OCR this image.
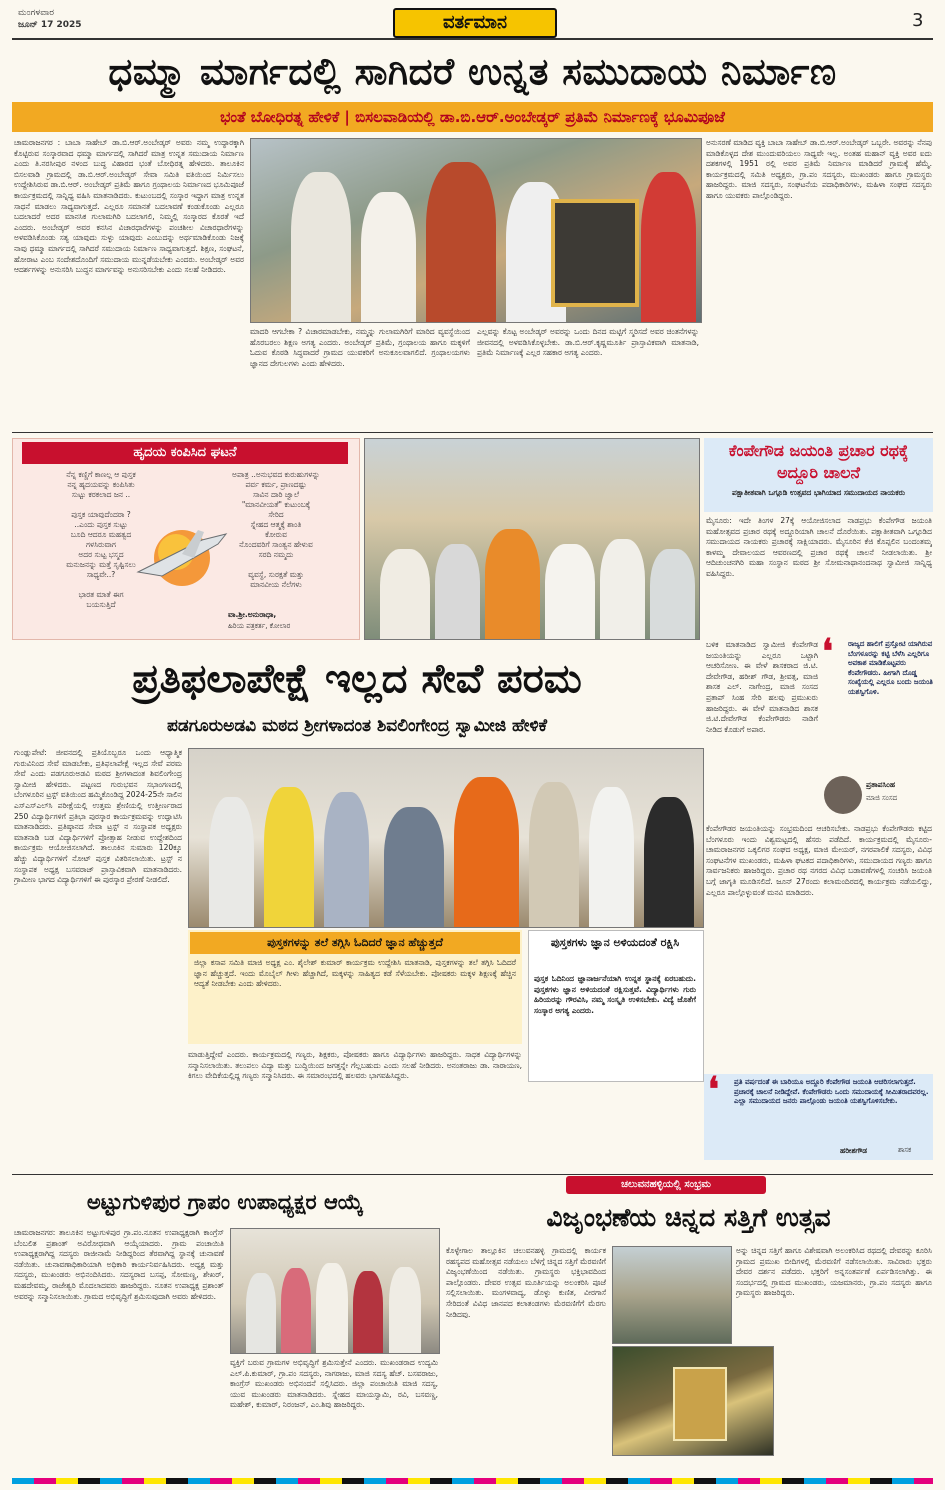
ಮಂಗಳವಾರ
ಜೂನ್ 17 2025	ವರ್ತಮಾನ	3
ಧಮ್ಮಾ ಮಾರ್ಗದಲ್ಲಿ ಸಾಗಿದರೆ ಉನ್ನತ ಸಮುದಾಯ ನಿರ್ಮಾಣ
ಭಂತೆ ಬೋಧಿರತ್ನ ಹೇಳಿಕೆ | ಬಿಸಲವಾಡಿಯಲ್ಲಿ ಡಾ.ಬಿ.ಆರ್.ಅಂಬೇಡ್ಕರ್ ಪ್ರತಿಮೆ ನಿರ್ಮಾಣಕ್ಕೆ ಭೂಮಿಪೂಜೆ
ಚಾಮರಾಜನಗರ : ಬಾಬಾ ಸಾಹೇಬ್ ಡಾ.ಬಿ.ಆರ್.ಅಂಬೇಡ್ಕರ್ ಅವರು ನಮ್ಮ ಉದ್ಧಾರಕ್ಕಾಗಿ ಕೊಟ್ಟಿರುವ ಸಂಸ್ಕಾರವಾದ ಧಮ್ಮಾ ಮಾರ್ಗದಲ್ಲಿ ಸಾಗಿದರೆ ಮಾತ್ರ ಉನ್ನತ ಸಮುದಾಯ ನಿರ್ಮಾಣ ಎಂದು ತಿ.ನರಸೀಪುರ ನಳಂದ ಬುದ್ಧ ವಿಹಾರದ ಭಂತೆ ಬೋಧಿರತ್ನ ಹೇಳಿದರು. ತಾಲೂಕಿನ ಬಿಸಲವಾಡಿ ಗ್ರಾಮದಲ್ಲಿ ಡಾ.ಬಿ.ಆರ್.ಅಂಬೇಡ್ಕರ್ ಸೇವಾ ಸಮಿತಿ ವತಿಯಿಂದ ನಿರ್ಮಿಸಲು ಉದ್ದೇಶಿಸಿರುವ ಡಾ.ಬಿ.ಆರ್. ಅಂಬೇಡ್ಕರ್ ಪ್ರತಿಮೆ ಹಾಗೂ ಗ್ರಂಥಾಲಯ ನಿರ್ಮಾಣದ ಭೂಮಿಪೂಜೆ ಕಾರ್ಯಕ್ರಮದಲ್ಲಿ ಸಾನ್ನಿಧ್ಯ ವಹಿಸಿ ಮಾತನಾಡಿದರು. ಕುಟುಂಬದಲ್ಲಿ ಸಂಸ್ಕಾರ ಇದ್ದಾಗ ಮಾತ್ರ ಉನ್ನತ ಸಾಧನೆ ಮಾಡಲು ಸಾಧ್ಯವಾಗುತ್ತದೆ. ಎಲ್ಲರೂ ಸಮಾನತೆ ಬದಲಾವಣೆ ಕಂಡುಕೊಂಡು ಎಲ್ಲರೂ ಬದಲಾದರೆ ಅದರ ಮಾನಸಿಕ ಗುಲಾಮಗಿರಿ ಬದಲಾಗಲಿ, ನಿಮ್ಮಲ್ಲಿ ಸಂಸ್ಕಾರದ ಕೊರತೆ ಇದೆ ಎಂದರು. ಅಂಬೇಡ್ಕರ್ ಅವರ ಕನಸಿನ ವಿಚಾರಧಾರೆಗಳನ್ನು ಪಂಚಶೀಲ ವಿಚಾರಧಾರೆಗಳನ್ನು ಅಳವಡಿಸಿಕೊಂಡು ಸತ್ಯ ಯಾವುದು ಸುಳ್ಳು ಯಾವುದು ಎಂಬುದನ್ನು ಅರ್ಥಮಾಡಿಕೊಂಡು ನಿಜಕ್ಕೆ ನಾವು ಧಮ್ಮಾ ಮಾರ್ಗದಲ್ಲಿ ಸಾಗಿದರೆ ಸಮುದಾಯ ನಿರ್ಮಾಣ ಸಾಧ್ಯವಾಗುತ್ತದೆ. ಶಿಕ್ಷಣ, ಸಂಘಟನೆ, ಹೋರಾಟ ಎಂಬ ಸಂದೇಶದೊಂದಿಗೆ ಸಮುದಾಯ ಮುನ್ನಡೆಯಬೇಕು ಎಂದರು. ಅಂಬೇಡ್ಕರ್ ಅವರ ಆದರ್ಶಗಳನ್ನು ಅನುಸರಿಸಿ ಬುದ್ಧನ ಮಾರ್ಗವನ್ನು ಅನುಸರಿಸಬೇಕು ಎಂದು ಸಲಹೆ ನೀಡಿದರು.
ಮಾದರಿ ಆಗಬೇಕಾ ? ವಿಚಾರಮಾಡಬೇಕು, ನಮ್ಮನ್ನು ಗುಲಾಮಗಿರಿಗೆ ಮಾರಿದ ವ್ಯವಸ್ಥೆಯಿಂದ ಹೊರಬರಲು ಶಿಕ್ಷಣ ಅಗತ್ಯ ಎಂದರು. ಅಂಬೇಡ್ಕರ್ ಪ್ರತಿಮೆ, ಗ್ರಂಥಾಲಯ ಹಾಗೂ ಮಕ್ಕಳಿಗೆ ಓದುವ ಕೊಠಡಿ ಸಿದ್ಧವಾದರೆ ಗ್ರಾಮದ ಯುವಕರಿಗೆ ಅನುಕೂಲವಾಗಲಿದೆ. ಗ್ರಂಥಾಲಯಗಳು ಜ್ಞಾನದ ದೇಗುಲಗಳು ಎಂದು ಹೇಳಿದರು.
ಎಲ್ಲವನ್ನು ಕೊಟ್ಟ ಅಂಬೇಡ್ಕರ್ ಅವರನ್ನು ಒಂದು ದಿನದ ಮಟ್ಟಿಗೆ ಸ್ಮರಿಸದೆ ಅವರ ಚಿಂತನೆಗಳನ್ನು ಜೀವನದಲ್ಲಿ ಅಳವಡಿಸಿಕೊಳ್ಳಬೇಕು. ಡಾ.ಬಿ.ಆರ್.ಕೃಷ್ಣಮೂರ್ತಿ ಪ್ರಾಸ್ತಾವಿಕವಾಗಿ ಮಾತನಾಡಿ, ಪ್ರತಿಮೆ ನಿರ್ಮಾಣಕ್ಕೆ ಎಲ್ಲರ ಸಹಕಾರ ಅಗತ್ಯ ಎಂದರು.
ಅನುಸರಣೆ ಮಾಡಿದ ವ್ಯಕ್ತಿ ಬಾಬಾ ಸಾಹೇಬ್ ಡಾ.ಬಿ.ಆರ್.ಅಂಬೇಡ್ಕರ್ ಒಬ್ಬರೇ. ಅವರನ್ನು ನೆನಪು ಮಾಡಿಕೊಳ್ಳದ ದೇಶ ಮುಂದುವರಿಯಲು ಸಾಧ್ಯವೇ ಇಲ್ಲ. ಅಂತಹ ಮಹಾನ್ ವ್ಯಕ್ತಿ ಅವರ ಐದು ದಶಕಗಳಲ್ಲಿ 1951 ರಲ್ಲಿ ಅವರ ಪ್ರತಿಮೆ ನಿರ್ಮಾಣ ಮಾಡಿದರೆ ಗ್ರಾಮಕ್ಕೆ ಹೆಮ್ಮೆ. ಕಾರ್ಯಕ್ರಮದಲ್ಲಿ ಸಮಿತಿ ಅಧ್ಯಕ್ಷರು, ಗ್ರಾ.ಪಂ ಸದಸ್ಯರು, ಮುಖಂಡರು ಹಾಗೂ ಗ್ರಾಮಸ್ಥರು ಹಾಜರಿದ್ದರು. ಮಾಜಿ ಸದಸ್ಯರು, ಸಂಘಟನೆಯ ಪದಾಧಿಕಾರಿಗಳು, ಮಹಿಳಾ ಸಂಘದ ಸದಸ್ಯರು ಹಾಗೂ ಯುವಕರು ಪಾಲ್ಗೊಂಡಿದ್ದರು.
ಹೃದಯ ಕಂಪಿಸಿದ ಘಟನೆ
ನೆನ್ನ ಕಣ್ಣಿಗೆ ಕಾಣಲ್ಲ ಆ ಪುಸ್ತಕ
ನನ್ನ ಹೃದಯವನ್ನು ಕಂಪಿಸಿತು
ಸುಟ್ಟು ಕರಕಲಾದ ಜನ ..

ಪುಸ್ತಕ ಯಾವುದೆಂದರಾ ?
..ಎಂದು ಪುಸ್ತಕ ಸುಟ್ಟು
ಬೂದಿ ಆದರೂ ಮಹತ್ವದ
ಗಳಸಿರುವಾಗ
ಅದರ ಸುಟ್ಟ ಭಸ್ಮದ
ಮನುಜನನ್ನು ಮತ್ತೆ ಸೃಷ್ಟಿಸಲು
ಸಾಧ್ಯವೇ..?

ಭಾರತ ಮಾತೆ ಈಗ
ಬಯಸುತ್ತಿದೆ
ಅಪಾತ್ರ ..ಅನುಭವದ ಕುರುಹುಗಳನ್ನು
ಪರ್ವ ಕರ್ಮ, ಪ್ರಾಣದಷ್ಟು
ಸಾವಿನ ದಾರಿ ಜ್ವಾಲೆ
"ಮಾನವೀಯತೆ" ಕುಟುಂಬಕ್ಕೆ
ಸೇರಿದ
ಸ್ನೇಹದ ಆತ್ಮಕ್ಕೆ ಶಾಂತಿ
ಕೋರುವ
ನೊಂದವರಿಗೆ ಸಾಂತ್ವನ ಹೇಳುವ
ಸರದಿ ನಮ್ಮದು

ವ್ಯವಸ್ಥೆ, ಸುರಕ್ಷತೆ ಮತ್ತು
ಮಾನವೀಯ ನೆಲೆಗಳು
ವಾ.ಶ್ರೀ.ಅನುರಾಧಾ,
ಹಿರಿಯ ಪತ್ರಕರ್ತ, ಕೋಲಾರ
ಕೆಂಪೇಗೌಡ ಜಯಂತಿ ಪ್ರಚಾರ ರಥಕ್ಕೆ ಅದ್ದೂರಿ ಚಾಲನೆ
ಪಕ್ಷಾತೀತವಾಗಿ ಒಗ್ಗೂಡಿ ಉತ್ಸವದ ಭಾಗಿಯಾದ ಸಮುದಾಯದ ನಾಯಕರು
ಮೈಸೂರು: ಇದೇ ತಿಂಗಳ 27ಕ್ಕೆ ಆಯೋಜಿಸಲಾದ ನಾಡಪ್ರಭು ಕೆಂಪೇಗೌಡ ಜಯಂತಿ ಮಹೋತ್ಸವದ ಪ್ರಚಾರ ರಥಕ್ಕೆ ಅದ್ದೂರಿಯಾಗಿ ಚಾಲನೆ ದೊರೆಯಿತು. ಪಕ್ಷಾತೀತವಾಗಿ ಒಗ್ಗೂಡಿದ ಸಮುದಾಯದ ನಾಯಕರು ಪ್ರಚಾರಕ್ಕೆ ಸಾಕ್ಷಿಯಾದರು. ಮೈಸೂರಿನ ಕೆಜಿ ಕೊಪ್ಪಲಿನ ಬಂದಂತಮ್ಮ ಕಾಳಮ್ಮ ದೇವಾಲಯದ ಆವರಣದಲ್ಲಿ ಪ್ರಚಾರ ರಥಕ್ಕೆ ಚಾಲನೆ ನೀಡಲಾಯಿತು. ಶ್ರೀ ಆದಿಚುಂಚನಗಿರಿ ಮಹಾ ಸಂಸ್ಥಾನ ಮಠದ ಶ್ರೀ ಸೋಮನಾಥಾನಂದನಾಥ ಸ್ವಾಮೀಜಿ ಸಾನ್ನಿಧ್ಯ ವಹಿಸಿದ್ದರು.
ಬಳಿಕ ಮಾತನಾಡಿದ ಸ್ವಾಮೀಜಿ ಕೆಂಪೇಗೌಡ ಜಯಂತಿಯನ್ನು ಎಲ್ಲರೂ ಒಟ್ಟಾಗಿ ಆಚರಿಸೋಣ. ಈ ವೇಳೆ ಶಾಸಕರಾದ ಜಿ.ಟಿ. ದೇವೇಗೌಡ, ಹರೀಶ್ ಗೌಡ, ಶ್ರೀವತ್ಸ, ಮಾಜಿ ಶಾಸಕ ಎಲ್. ನಾಗೇಂದ್ರ, ಮಾಜಿ ಸಂಸದ ಪ್ರತಾಪ್ ಸಿಂಹ ಸೇರಿ ಹಲವು ಪ್ರಮುಖರು ಹಾಜರಿದ್ದರು. ಈ ವೇಳೆ ಮಾತನಾಡಿದ ಶಾಸಕ ಜಿ.ಟಿ.ದೇವೇಗೌಡ ಕೆಂಪೇಗೌಡರು ನಾಡಿಗೆ ನೀಡಿದ ಕೊಡುಗೆ ಅಪಾರ.
❛ ರಾಜ್ಯದ ಹಾಲಿಗೆ ಪ್ರಸ್ತೋಟಿ ಯಾಗಿರುವ ಬೆಂಗಳೂರನ್ನು ಕಟ್ಟಿ ಬೆಳೆಸಿ ಎಲ್ಲರಿಗೂ ಅವಕಾಶ ಮಾಡಿಕೊಟ್ಟವರು ಕೆಂಪೇಗೌಡರು. ಹೀಗಾಗಿ ದೊಡ್ಡ ಸಂಖ್ಯೆಯಲ್ಲಿ ಎಲ್ಲರೂ ಬಂದು ಜಯಂತಿ ಯಶಸ್ವಿಗೊಳಿ.
ಪ್ರತಾಪಸಿಂಹ
ಮಾಜಿ ಸಂಸದ
ಪ್ರತಿಫಲಾಪೇಕ್ಷೆ ಇಲ್ಲದ ಸೇವೆ ಪರಮ
ಪಡಗೂರುಅಡವಿ ಮಠದ ಶ್ರೀಗಳಾದಂತ ಶಿವಲಿಂಗೇಂದ್ರ ಸ್ವಾಮೀಜಿ ಹೇಳಿಕೆ
ಗುಂಡ್ಲುಪೇಟೆ: ಜೀವನದಲ್ಲಿ ಪ್ರತಿಯೊಬ್ಬರೂ ಒಂದು ಆಧ್ಯಾತ್ಮಿಕ ಗುರುವಿನಿಂದ ಸೇವೆ ಮಾಡಬೇಕು, ಪ್ರತಿಫಲಾಪೇಕ್ಷೆ ಇಲ್ಲದ ಸೇವೆ ಪರಮ ಸೇವೆ ಎಂದು ಪಡಗೂರುಅಡವಿ ಮಠದ ಶ್ರೀಗಳಾದಂತ ಶಿವಲಿಂಗೇಂದ್ರ ಸ್ವಾಮೀಜಿ ಹೇಳಿದರು. ಪಟ್ಟಣದ ಗುರುಭವನ ಸಭಾಂಗಣದಲ್ಲಿ ಬೆಂಗಳೂರಿನ ಟ್ರಸ್ಟ್ ವತಿಯಿಂದ ಹಮ್ಮಿಕೊಂಡಿದ್ದ 2024-25ನೇ ಸಾಲಿನ ಎಸ್‌ಎಸ್‌ಎಲ್‌ಸಿ ಪರೀಕ್ಷೆಯಲ್ಲಿ ಉತ್ತಮ ಶ್ರೇಣಿಯಲ್ಲಿ ಉತ್ತೀರ್ಣರಾದ 250 ವಿದ್ಯಾರ್ಥಿಗಳಿಗೆ ಪ್ರತಿಭಾ ಪುರಸ್ಕಾರ ಕಾರ್ಯಕ್ರಮವನ್ನು ಉದ್ಘಾಟಿಸಿ ಮಾತನಾಡಿದರು. ಪ್ರತಿಷ್ಠಾನದ ಸೇವಾ ಟ್ರಸ್ಟ್ ನ ಸಂಸ್ಥಾಪಕ ಅಧ್ಯಕ್ಷರು ಮಾತನಾಡಿ ಬಡ ವಿದ್ಯಾರ್ಥಿಗಳಿಗೆ ಪ್ರೋತ್ಸಾಹ ನೀಡುವ ಉದ್ದೇಶದಿಂದ ಕಾರ್ಯಕ್ರಮ ಆಯೋಜಿಸಲಾಗಿದೆ. ತಾಲೂಕಿನ ಸುಮಾರು 120ಕ್ಕೂ ಹೆಚ್ಚು ವಿದ್ಯಾರ್ಥಿಗಳಿಗೆ ನೋಟ್ ಪುಸ್ತಕ ವಿತರಿಸಲಾಯಿತು. ಟ್ರಸ್ಟ್ ನ ಸಂಸ್ಥಾಪಕ ಅಧ್ಯಕ್ಷ ಬಸವರಾಜ್ ಪ್ರಾಸ್ತಾವಿಕವಾಗಿ ಮಾತನಾಡಿದರು. ಗ್ರಾಮೀಣ ಭಾಗದ ವಿದ್ಯಾರ್ಥಿಗಳಿಗೆ ಈ ಪುರಸ್ಕಾರ ಪ್ರೇರಣೆ ನೀಡಲಿದೆ.
ಪುಸ್ತಕಗಳನ್ನು ತಲೆ ತಗ್ಗಿಸಿ ಓದಿದರೆ ಜ್ಞಾನ ಹೆಚ್ಚುತ್ತದೆ
ಜಿಲ್ಲಾ ಕಸಾಪ ಸಮಿತಿ ಮಾಜಿ ಅಧ್ಯಕ್ಷ ಎಂ. ಶೈಲೇಶ್ ಕುಮಾರ್ ಕಾರ್ಯಕ್ರಮ ಉದ್ದೇಶಿಸಿ ಮಾತನಾಡಿ, ಪುಸ್ತಕಗಳನ್ನು ತಲೆ ತಗ್ಗಿಸಿ ಓದಿದರೆ ಜ್ಞಾನ ಹೆಚ್ಚುತ್ತದೆ. ಇಂದು ಮೊಬೈಲ್ ಗೀಳು ಹೆಚ್ಚಾಗಿದೆ, ಮಕ್ಕಳನ್ನು ಸಾಹಿತ್ಯದ ಕಡೆ ಸೆಳೆಯಬೇಕು. ಪೋಷಕರು ಮಕ್ಕಳ ಶಿಕ್ಷಣಕ್ಕೆ ಹೆಚ್ಚಿನ ಆದ್ಯತೆ ನೀಡಬೇಕು ಎಂದು ಹೇಳಿದರು.
ಪುಸ್ತಕಗಳು ಜ್ಞಾನ ಅಳಿಯದಂತೆ ರಕ್ಷಿಸಿ
ಪುಸ್ತಕ ಓದಿನಿಂದ ಜ್ಞಾನಾರ್ಜನೆಯಾಗಿ ಉನ್ನತ ಸ್ಥಾನಕ್ಕೆ ಏರಬಹುದು. ಪುಸ್ತಕಗಳು ಜ್ಞಾನ ಅಳಿಯದಂತೆ ರಕ್ಷಿಸುತ್ತವೆ. ವಿದ್ಯಾರ್ಥಿಗಳು ಗುರು ಹಿರಿಯರನ್ನು ಗೌರವಿಸಿ, ನಮ್ಮ ಸಂಸ್ಕೃತಿ ಉಳಿಸಬೇಕು. ವಿದ್ಯೆ ಜೊತೆಗೆ ಸಂಸ್ಕಾರ ಅಗತ್ಯ ಎಂದರು.
ಮಾಡುತ್ತಿದ್ದೇವೆ ಎಂದರು. ಕಾರ್ಯಕ್ರಮದಲ್ಲಿ ಗಣ್ಯರು, ಶಿಕ್ಷಕರು, ಪೋಷಕರು ಹಾಗೂ ವಿದ್ಯಾರ್ಥಿಗಳು ಹಾಜರಿದ್ದರು. ಸಾಧಕ ವಿದ್ಯಾರ್ಥಿಗಳನ್ನು ಸನ್ಮಾನಿಸಲಾಯಿತು. ತಲುಪಲು ವಿದ್ಯಾ ಮತ್ತು ಬುದ್ಧಿಯಿಂದ ಜಗತ್ತನ್ನೇ ಗೆಲ್ಲಬಹುದು ಎಂದು ಸಲಹೆ ನೀಡಿದರು. ಅನಂತರಾಜು ಡಾ. ನಾರಾಯಣ, ಕಿಗಲು ವೇದಿಕೆಯಲ್ಲಿದ್ದ ಗಣ್ಯರು ಸನ್ಮಾನಿಸಿದರು. ಈ ಸಮಾರಂಭದಲ್ಲಿ ಹಲವರು ಭಾಗವಹಿಸಿದ್ದರು.
ಕೆಂಪೇಗೌಡರ ಜಯಂತಿಯನ್ನು ಸಂಭ್ರಮದಿಂದ ಆಚರಿಸಬೇಕು. ನಾಡಪ್ರಭು ಕೆಂಪೇಗೌಡರು ಕಟ್ಟಿದ ಬೆಂಗಳೂರು ಇಂದು ವಿಶ್ವಮಟ್ಟದಲ್ಲಿ ಹೆಸರು ಪಡೆದಿದೆ. ಕಾರ್ಯಕ್ರಮದಲ್ಲಿ ಮೈಸೂರು-ಚಾಮರಾಜನಗರ ಒಕ್ಕಲಿಗರ ಸಂಘದ ಅಧ್ಯಕ್ಷ, ಮಾಜಿ ಮೇಯರ್, ನಗರಪಾಲಿಕೆ ಸದಸ್ಯರು, ವಿವಿಧ ಸಂಘಟನೆಗಳ ಮುಖಂಡರು, ಮಹಿಳಾ ಘಟಕದ ಪದಾಧಿಕಾರಿಗಳು, ಸಮುದಾಯದ ಗಣ್ಯರು ಹಾಗೂ ಸಾರ್ವಜನಿಕರು ಹಾಜರಿದ್ದರು. ಪ್ರಚಾರ ರಥ ನಗರದ ವಿವಿಧ ಬಡಾವಣೆಗಳಲ್ಲಿ ಸಂಚರಿಸಿ ಜಯಂತಿ ಬಗ್ಗೆ ಜಾಗೃತಿ ಮೂಡಿಸಲಿದೆ. ಜೂನ್ 27ರಂದು ಕಲಾಮಂದಿರದಲ್ಲಿ ಕಾರ್ಯಕ್ರಮ ನಡೆಯಲಿದ್ದು, ಎಲ್ಲರೂ ಪಾಲ್ಗೊಳ್ಳುವಂತೆ ಮನವಿ ಮಾಡಿದರು.
❛ ಪ್ರತಿ ವರ್ಷದಂತೆ ಈ ಬಾರಿಯೂ ಅದ್ದೂರಿ ಕೆಂಪೇಗೌಡ ಜಯಂತಿ ಆಚರಿಸಲಾಗುತ್ತದೆ. ಪ್ರಚಾರಕ್ಕೆ ಚಾಲನೆ ನೀಡಿದ್ದೇವೆ. ಕೆಂಪೇಗೌಡರು ಒಂದು ಸಮುದಾಯಕ್ಕೆ ಸೀಮಿತರಾದವರಲ್ಲ. ಎಲ್ಲಾ ಸಮುದಾಯದ ಜನರು ಪಾಲ್ಗೊಂಡು ಜಯಂತಿ ಯಶಸ್ವಿಗೊಳಿಸಬೇಕು.
ಹರೀಶಗೌಡ	ಶಾಸಕ
ಅಟ್ಟುಗುಳಿಪುರ ಗ್ರಾಪಂ ಉಪಾಧ್ಯಕ್ಷರ ಆಯ್ಕೆ
ಚಾಮರಾಜನಗರ: ತಾಲೂಕಿನ ಅಟ್ಟುಗುಳಿಪುರ ಗ್ರಾ.ಪಂ.ನೂತನ ಉಪಾಧ್ಯಕ್ಷರಾಗಿ ಕಾಂಗ್ರೆಸ್ ಬೆಂಬಲಿತ ಪ್ರಶಾಂತ್ ಅವಿರೋಧವಾಗಿ ಆಯ್ಕೆಯಾದರು. ಗ್ರಾಮ ಪಂಚಾಯಿತಿ ಉಪಾಧ್ಯಕ್ಷರಾಗಿದ್ದ ಸದಸ್ಯರು ರಾಜೀನಾಮೆ ನೀಡಿದ್ದರಿಂದ ತೆರವಾಗಿದ್ದ ಸ್ಥಾನಕ್ಕೆ ಚುನಾವಣೆ ನಡೆಯಿತು. ಚುನಾವಣಾಧಿಕಾರಿಯಾಗಿ ಅಧಿಕಾರಿ ಕಾರ್ಯನಿರ್ವಹಿಸಿದರು. ಅಧ್ಯಕ್ಷ ಮತ್ತು ಸದಸ್ಯರು, ಮುಖಂಡರು ಅಭಿನಂದಿಸಿದರು. ಸದಸ್ಯರಾದ ಬಸಪ್ಪ, ಸೋಮಣ್ಣ, ಶೇಖರ್, ಮಹದೇವಮ್ಮ, ರಾಜೇಶ್ವರಿ ಮೊದಲಾದವರು ಹಾಜರಿದ್ದರು. ನೂತನ ಉಪಾಧ್ಯಕ್ಷ ಪ್ರಶಾಂತ್ ಅವರನ್ನು ಸನ್ಮಾನಿಸಲಾಯಿತು. ಗ್ರಾಮದ ಅಭಿವೃದ್ಧಿಗೆ ಶ್ರಮಿಸುವುದಾಗಿ ಅವರು ಹೇಳಿದರು.
ವ್ಯಕ್ತಿಗೆ ಬರುವ ಗ್ರಾಮಗಳ ಅಭಿವೃದ್ಧಿಗೆ ಶ್ರಮಿಸುತ್ತೇನೆ ಎಂದರು. ಮುಖಂಡರಾದ ಉದ್ಯಮಿ ಎಲ್.ಪಿ.ಕುಮಾರ್, ಗ್ರಾ.ಪಂ ಸದಸ್ಯರು, ನಾಗರಾಜು, ಮಾಜಿ ಸದಸ್ಯ ಹೆಚ್. ಬಸವರಾಜು, ಕಾಂಗ್ರೆಸ್ ಮುಖಂಡರು ಅಭಿನಂದನೆ ಸಲ್ಲಿಸಿದರು. ಜಿಲ್ಲಾ ಪಂಚಾಯಿತಿ ಮಾಜಿ ಸದಸ್ಯ, ಯುವ ಮುಖಂಡರು ಮಾತನಾಡಿದರು. ಸ್ನೇಹದ ಮಾಯಸ್ವಾಮಿ, ರವಿ, ಬಸವಣ್ಣ, ಮಹೇಶ್, ಕುಮಾರ್, ನಿರಂಜನ್, ಎಂ.ಶಿವು ಹಾಜರಿದ್ದರು.
ಚಲುವನಹಳ್ಳಿಯಲ್ಲಿ ಸಂಭ್ರಮ
ವಿಜೃಂಭಣೆಯ ಚಿನ್ನದ ಸತ್ತಿಗೆ ಉತ್ಸವ
ಕೊಳ್ಳೇಗಾಲ ತಾಲ್ಲೂಕಿನ ಚಲುವನಹಳ್ಳಿ ಗ್ರಾಮದಲ್ಲಿ ಕಾರ್ಯಕ ರಹಸ್ಯಪದ ಮಹೋತ್ಸವ ನಡೆಯಲು ಬೆಳಿಗ್ಗೆ ಚಿನ್ನದ ಸತ್ತಿಗೆ ಮೆರವಣಿಗೆ ವಿಜೃಂಭಣೆಯಿಂದ ನಡೆಯಿತು. ಗ್ರಾಮಸ್ಥರು ಭಕ್ತಿಭಾವದಿಂದ ಪಾಲ್ಗೊಂಡರು. ದೇವರ ಉತ್ಸವ ಮೂರ್ತಿಯನ್ನು ಅಲಂಕರಿಸಿ ಪೂಜೆ ಸಲ್ಲಿಸಲಾಯಿತು. ಮಂಗಳವಾದ್ಯ, ಡೊಳ್ಳು ಕುಣಿತ, ವೀರಗಾಸೆ ಸೇರಿದಂತೆ ವಿವಿಧ ಜಾನಪದ ಕಲಾತಂಡಗಳು ಮೆರವಣಿಗೆಗೆ ಮೆರಗು ನೀಡಿದವು.
ಅನ್ನು ಚಿನ್ನದ ಸತ್ತಿಗೆ ಹಾಗೂ ವಿಶೇಷವಾಗಿ ಅಲಂಕರಿಸಿದ ರಥದಲ್ಲಿ ದೇವರನ್ನು ಕೂರಿಸಿ ಗ್ರಾಮದ ಪ್ರಮುಖ ಬೀದಿಗಳಲ್ಲಿ ಮೆರವಣಿಗೆ ನಡೆಸಲಾಯಿತು. ಸಾವಿರಾರು ಭಕ್ತರು ದೇವರ ದರ್ಶನ ಪಡೆದರು. ಭಕ್ತರಿಗೆ ಅನ್ನಸಂತರ್ಪಣೆ ಏರ್ಪಡಿಸಲಾಗಿತ್ತು. ಈ ಸಂದರ್ಭದಲ್ಲಿ ಗ್ರಾಮದ ಮುಖಂಡರು, ಯಜಮಾನರು, ಗ್ರಾ.ಪಂ ಸದಸ್ಯರು ಹಾಗೂ ಗ್ರಾಮಸ್ಥರು ಹಾಜರಿದ್ದರು.
